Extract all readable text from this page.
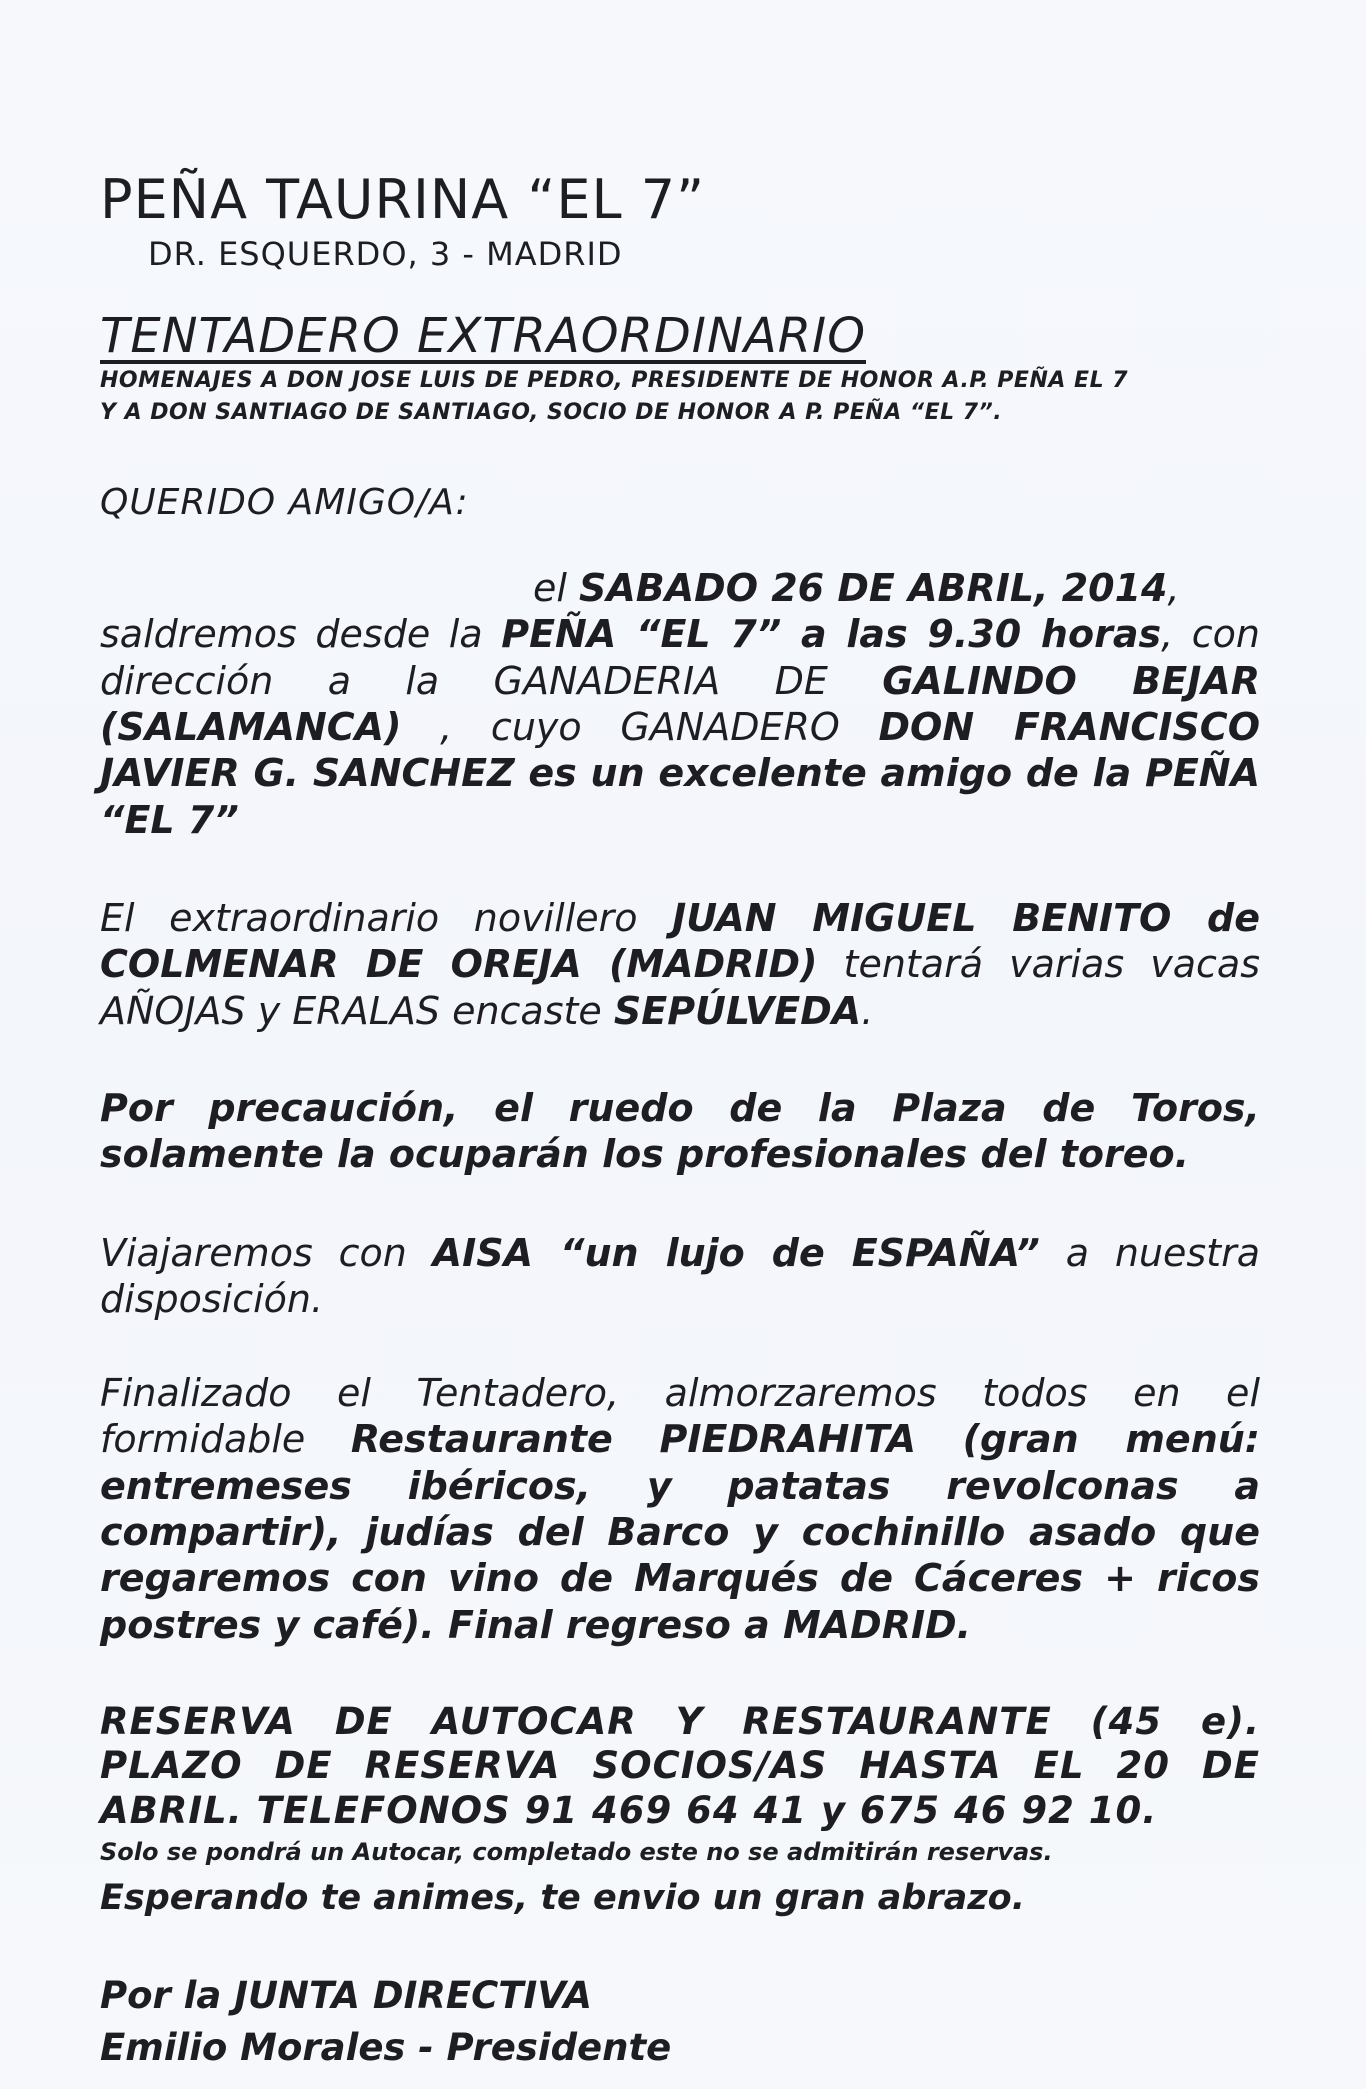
PEÑA TAURINA “EL 7”
DR. ESQUERDO, 3 - MADRID
TENTADERO EXTRAORDINARIO
HOMENAJES A DON JOSE LUIS DE PEDRO, PRESIDENTE DE HONOR A.P. PEÑA EL 7
Y A DON SANTIAGO DE SANTIAGO, SOCIO DE HONOR A P. PEÑA “EL 7”.
QUERIDO AMIGO/A:
el SABADO 26 DE ABRIL, 2014, saldremos desde la PEÑA “EL 7” a las 9.30 horas, con dirección a la GANADERIA DE GALINDO BEJAR (SALAMANCA) , cuyo GANADERO DON FRANCISCO JAVIER G. SANCHEZ es un excelente amigo de la PEÑA “EL 7”
El extraordinario novillero JUAN MIGUEL BENITO de COLMENAR DE OREJA (MADRID) tentará varias vacas AÑOJAS y ERALAS encaste SEPÚLVEDA.
Por precaución, el ruedo de la Plaza de Toros, solamente la ocuparán los profesionales del toreo.
Viajaremos con AISA “un lujo de ESPAÑA” a nuestra disposición.
Finalizado el Tentadero, almorzaremos todos en el formidable Restaurante PIEDRAHITA (gran menú: entremeses ibéricos, y patatas revolconas a compartir), judías del Barco y cochinillo asado que regaremos con vino de Marqués de Cáceres + ricos postres y café). Final regreso a MADRID.
RESERVA DE AUTOCAR Y RESTAURANTE (45 e). PLAZO DE RESERVA SOCIOS/AS HASTA EL 20 DE ABRIL. TELEFONOS 91 469 64 41 y 675 46 92 10.
Solo se pondrá un Autocar, completado este no se admitirán reservas.
Esperando te animes, te envio un gran abrazo.
Por la JUNTA DIRECTIVA
Emilio Morales - Presidente
